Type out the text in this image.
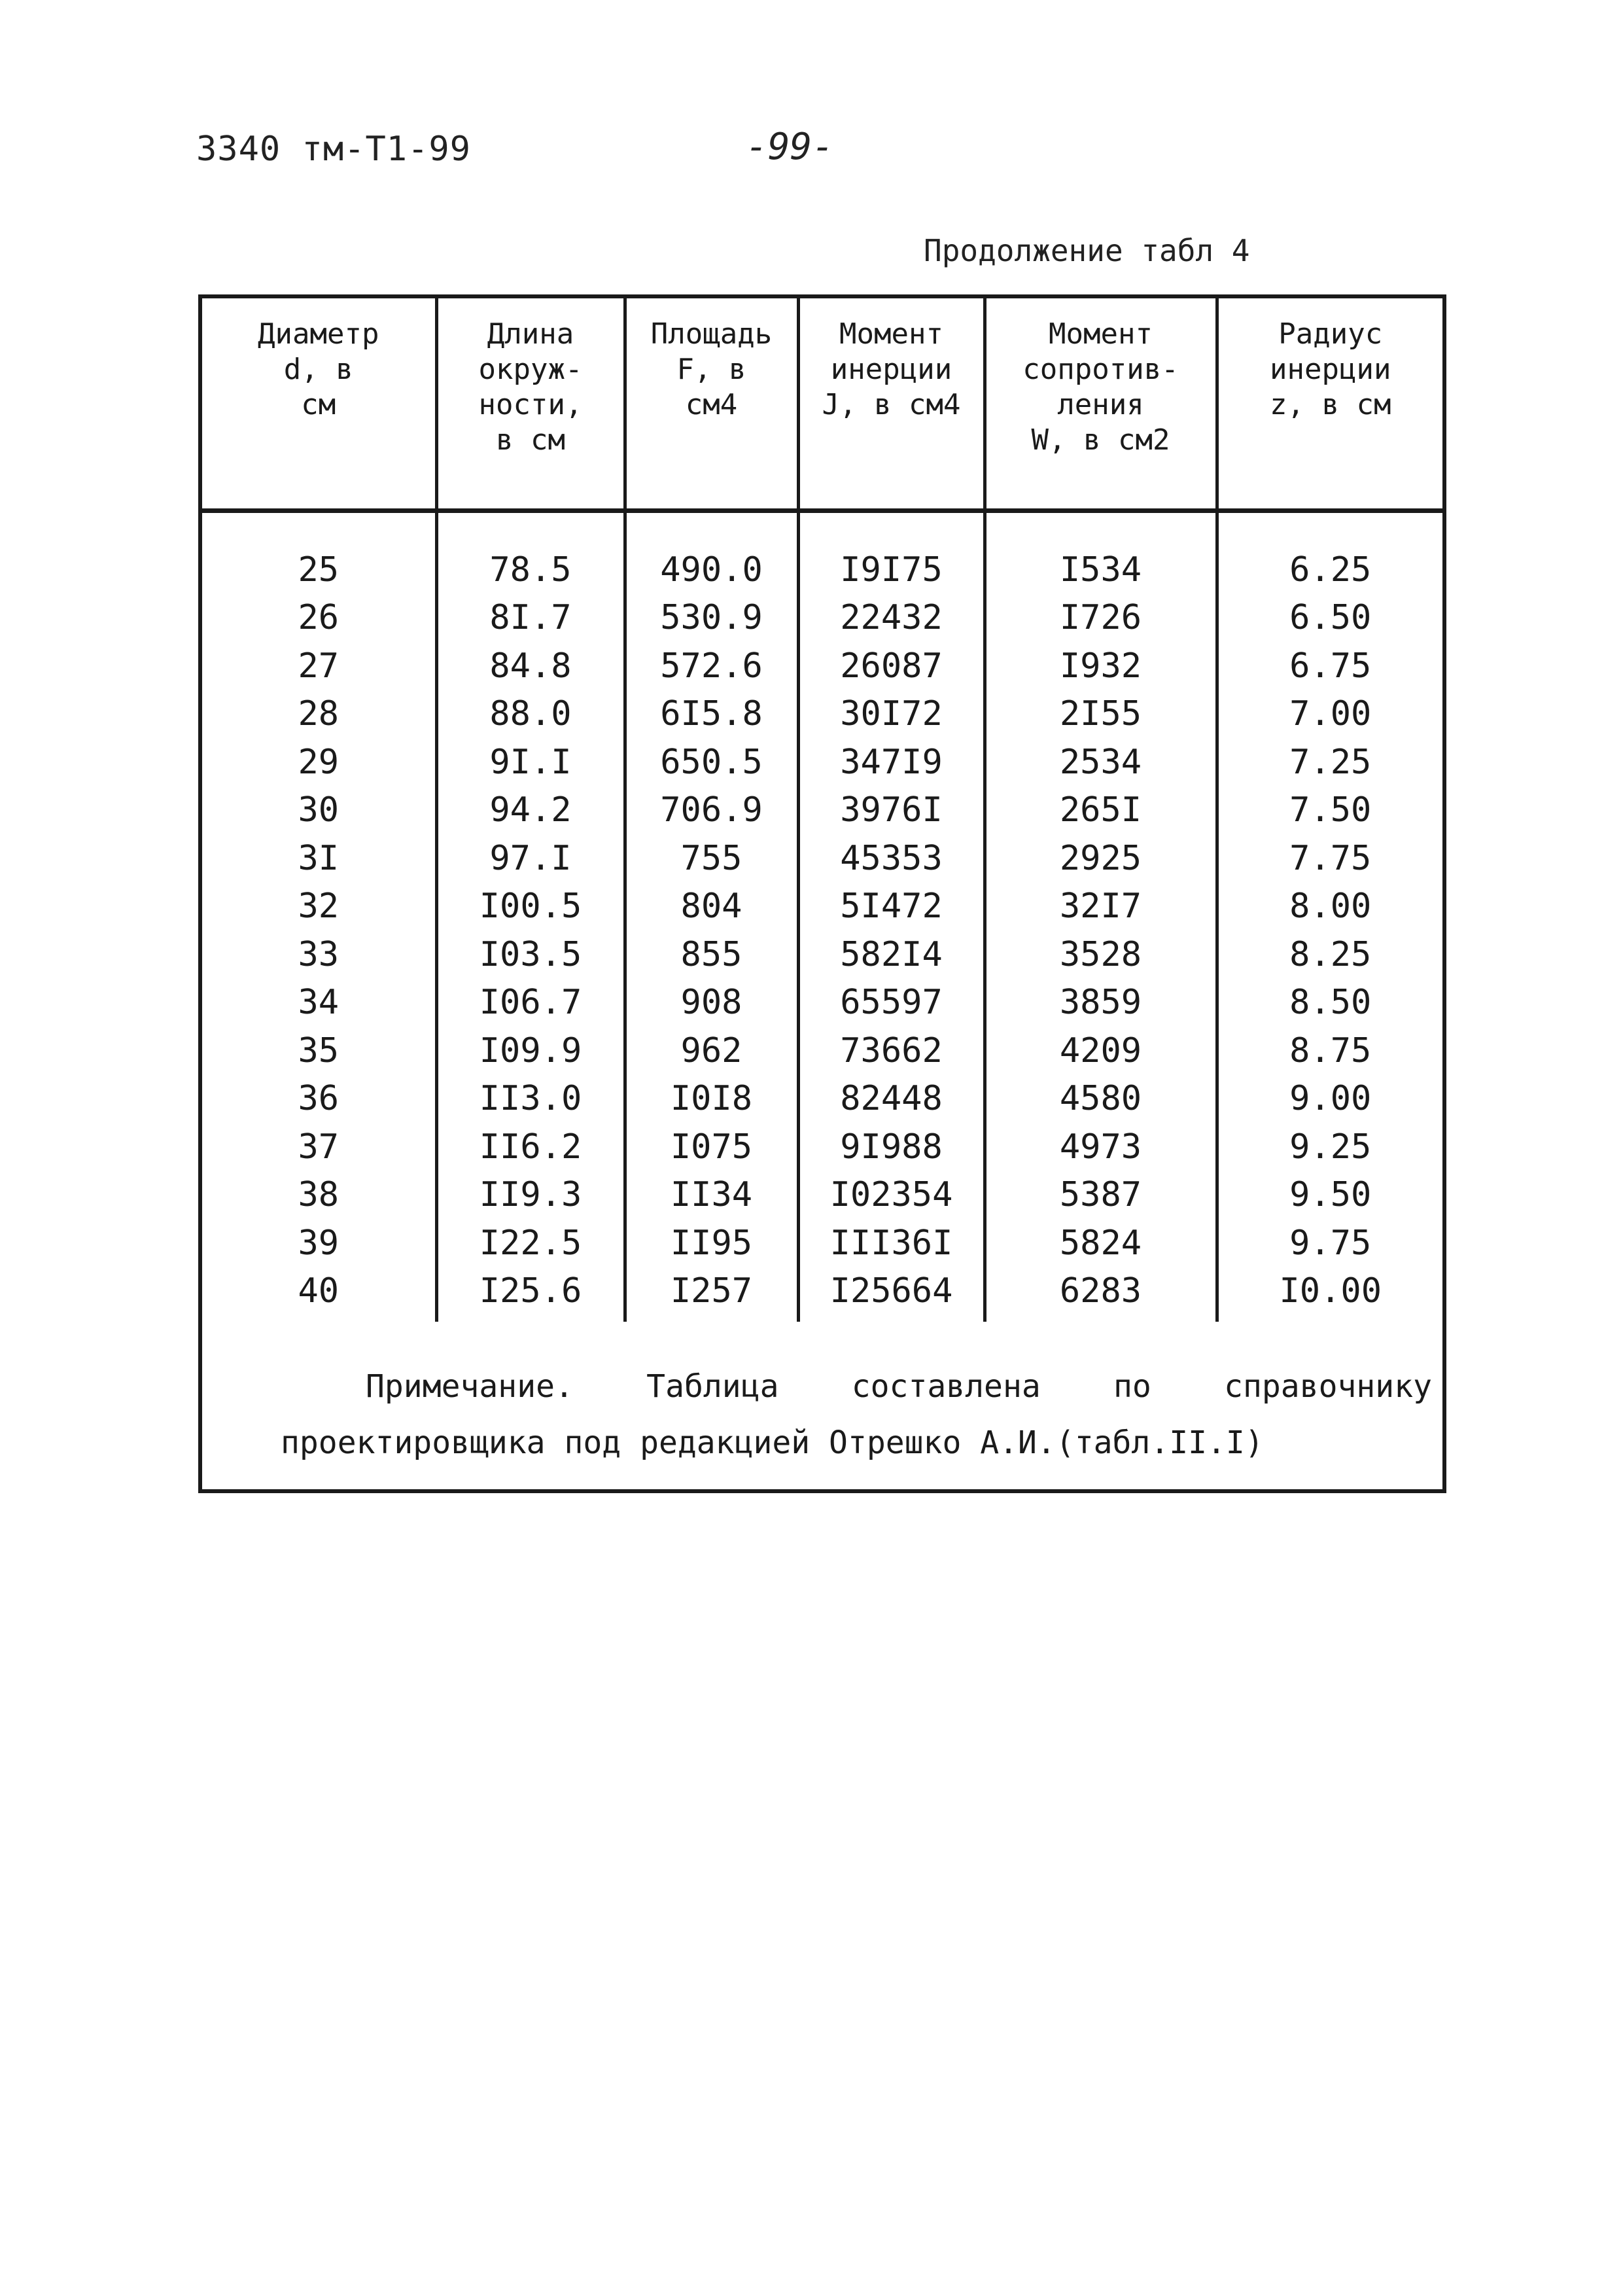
3340 тм-Т1-99	-99-
Продолжение табл 4
Диаметр
d, в
см	Длина
окруж-
ности,
в см	Площадь
F, в
см4	Момент
инерции
J, в см4	Момент
сопротив-
ления
W, в см2	Радиус
инерции
z, в см

25	78.5	490.0	I9I75	I534	6.25
26	8I.7	530.9	22432	I726	6.50
27	84.8	572.6	26087	I932	6.75
28	88.0	6I5.8	30I72	2I55	7.00
29	9I.I	650.5	347I9	2534	7.25
30	94.2	706.9	3976I	265I	7.50
3I	97.I	755	45353	2925	7.75
32	I00.5	804	5I472	32I7	8.00
33	I03.5	855	582I4	3528	8.25
34	I06.7	908	65597	3859	8.50
35	I09.9	962	73662	4209	8.75
36	II3.0	I0I8	82448	4580	9.00
37	II6.2	I075	9I988	4973	9.25
38	II9.3	II34	I02354	5387	9.50
39	I22.5	II95	III36I	5824	9.75
40	I25.6	I257	I25664	6283	I0.00
Примечание. Таблица составлена по справочнику проектировщика под редакцией Отрешко А.И.(табл.II.I)
